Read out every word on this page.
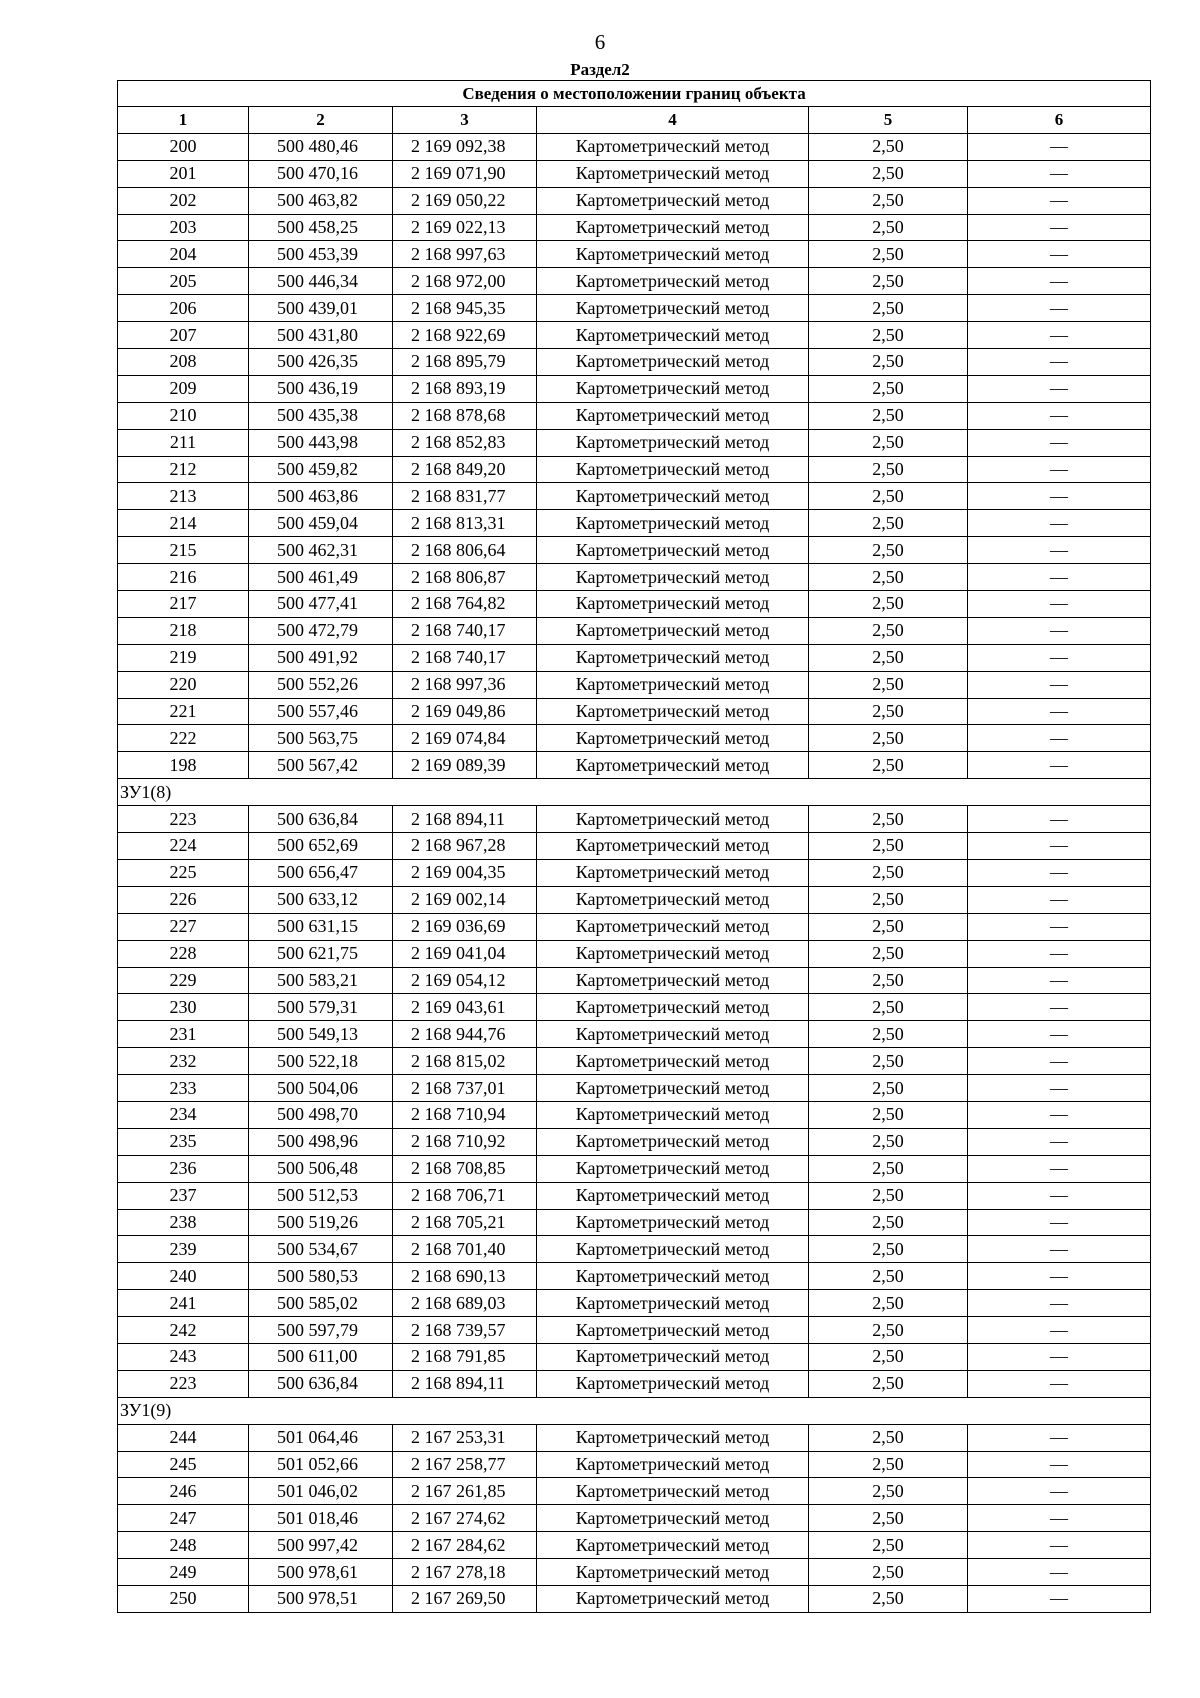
6
Раздел2
Сведения о местоположении границ объекта					
1	2	3	4	5	6
200	500 480,46	2 169 092,38	Картометрический метод	2,50	—
201	500 470,16	2 169 071,90	Картометрический метод	2,50	—
202	500 463,82	2 169 050,22	Картометрический метод	2,50	—
203	500 458,25	2 169 022,13	Картометрический метод	2,50	—
204	500 453,39	2 168 997,63	Картометрический метод	2,50	—
205	500 446,34	2 168 972,00	Картометрический метод	2,50	—
206	500 439,01	2 168 945,35	Картометрический метод	2,50	—
207	500 431,80	2 168 922,69	Картометрический метод	2,50	—
208	500 426,35	2 168 895,79	Картометрический метод	2,50	—
209	500 436,19	2 168 893,19	Картометрический метод	2,50	—
210	500 435,38	2 168 878,68	Картометрический метод	2,50	—
211	500 443,98	2 168 852,83	Картометрический метод	2,50	—
212	500 459,82	2 168 849,20	Картометрический метод	2,50	—
213	500 463,86	2 168 831,77	Картометрический метод	2,50	—
214	500 459,04	2 168 813,31	Картометрический метод	2,50	—
215	500 462,31	2 168 806,64	Картометрический метод	2,50	—
216	500 461,49	2 168 806,87	Картометрический метод	2,50	—
217	500 477,41	2 168 764,82	Картометрический метод	2,50	—
218	500 472,79	2 168 740,17	Картометрический метод	2,50	—
219	500 491,92	2 168 740,17	Картометрический метод	2,50	—
220	500 552,26	2 168 997,36	Картометрический метод	2,50	—
221	500 557,46	2 169 049,86	Картометрический метод	2,50	—
222	500 563,75	2 169 074,84	Картометрический метод	2,50	—
198	500 567,42	2 169 089,39	Картометрический метод	2,50	—
ЗУ1(8)					
223	500 636,84	2 168 894,11	Картометрический метод	2,50	—
224	500 652,69	2 168 967,28	Картометрический метод	2,50	—
225	500 656,47	2 169 004,35	Картометрический метод	2,50	—
226	500 633,12	2 169 002,14	Картометрический метод	2,50	—
227	500 631,15	2 169 036,69	Картометрический метод	2,50	—
228	500 621,75	2 169 041,04	Картометрический метод	2,50	—
229	500 583,21	2 169 054,12	Картометрический метод	2,50	—
230	500 579,31	2 169 043,61	Картометрический метод	2,50	—
231	500 549,13	2 168 944,76	Картометрический метод	2,50	—
232	500 522,18	2 168 815,02	Картометрический метод	2,50	—
233	500 504,06	2 168 737,01	Картометрический метод	2,50	—
234	500 498,70	2 168 710,94	Картометрический метод	2,50	—
235	500 498,96	2 168 710,92	Картометрический метод	2,50	—
236	500 506,48	2 168 708,85	Картометрический метод	2,50	—
237	500 512,53	2 168 706,71	Картометрический метод	2,50	—
238	500 519,26	2 168 705,21	Картометрический метод	2,50	—
239	500 534,67	2 168 701,40	Картометрический метод	2,50	—
240	500 580,53	2 168 690,13	Картометрический метод	2,50	—
241	500 585,02	2 168 689,03	Картометрический метод	2,50	—
242	500 597,79	2 168 739,57	Картометрический метод	2,50	—
243	500 611,00	2 168 791,85	Картометрический метод	2,50	—
223	500 636,84	2 168 894,11	Картометрический метод	2,50	—
ЗУ1(9)					
244	501 064,46	2 167 253,31	Картометрический метод	2,50	—
245	501 052,66	2 167 258,77	Картометрический метод	2,50	—
246	501 046,02	2 167 261,85	Картометрический метод	2,50	—
247	501 018,46	2 167 274,62	Картометрический метод	2,50	—
248	500 997,42	2 167 284,62	Картометрический метод	2,50	—
249	500 978,61	2 167 278,18	Картометрический метод	2,50	—
250	500 978,51	2 167 269,50	Картометрический метод	2,50	—
